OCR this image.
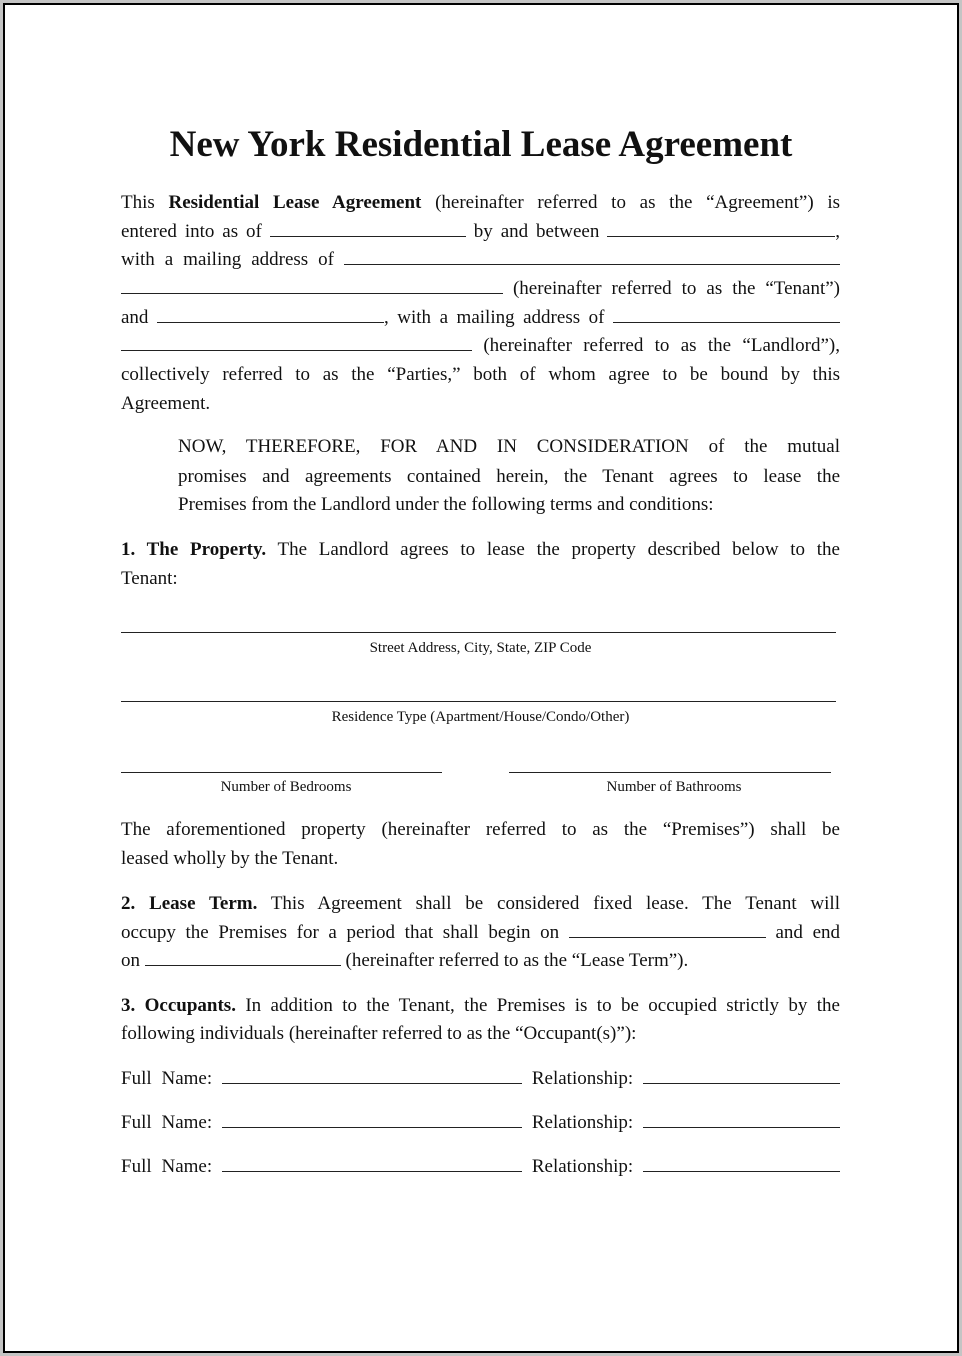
New York Residential Lease Agreement
This Residential Lease Agreement (hereinafter referred to as the “Agreement”) is
entered into as of	by and between	,
with a mailing address of
(hereinafter referred to as the “Tenant”)
and	, with a mailing address of
(hereinafter referred to as the “Landlord”),
collectively referred to as the “Parties,” both of whom agree to be bound by this
Agreement.
NOW, THEREFORE, FOR AND IN CONSIDERATION of the mutual
promises and agreements contained herein, the Tenant agrees to lease the
Premises from the Landlord under the following terms and conditions:
1. The Property. The Landlord agrees to lease the property described below to the
Tenant:
Street Address, City, State, ZIP Code
Residence Type (Apartment/House/Condo/Other)
Number of Bedrooms	Number of Bathrooms
The aforementioned property (hereinafter referred to as the “Premises”) shall be
leased wholly by the Tenant.
2. Lease Term. This Agreement shall be considered fixed lease. The Tenant will
occupy the Premises for a period that shall begin on	and end
on	(hereinafter referred to as the “Lease Term”).
3. Occupants. In addition to the Tenant, the Premises is to be occupied strictly by the
following individuals (hereinafter referred to as the “Occupant(s)”):
Full Name:	Relationship:
Full Name:	Relationship:
Full Name:	Relationship:
